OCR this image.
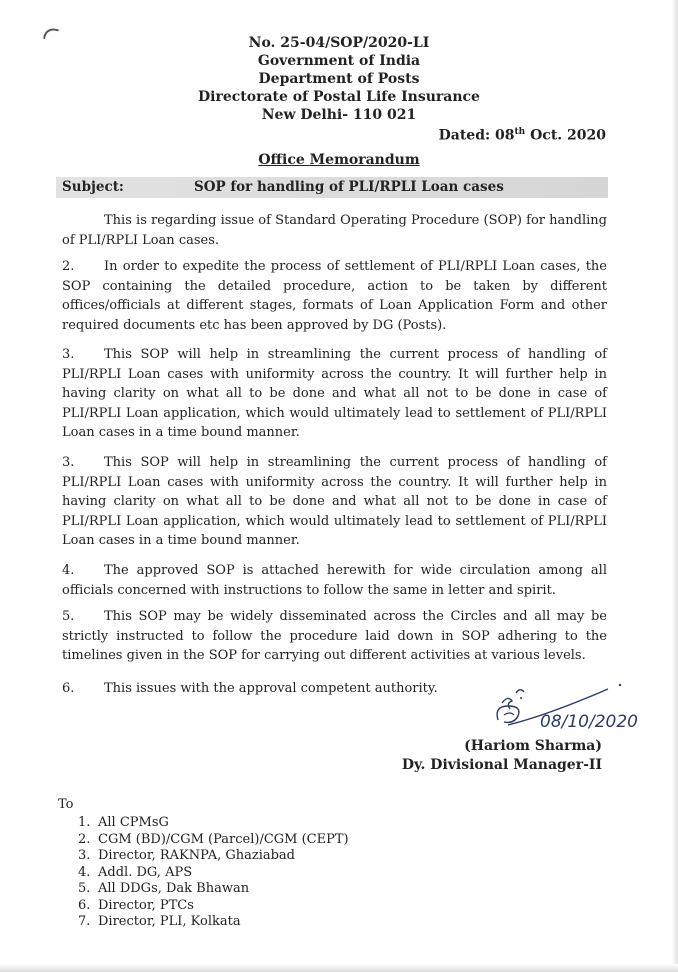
No. 25-04/SOP/2020-LI
Government of India
Department of Posts
Directorate of Postal Life Insurance
New Delhi- 110 021
Dated: 08th Oct. 2020
Office Memorandum
Subject:	SOP for handling of PLI/RPLI Loan cases
This is regarding issue of Standard Operating Procedure (SOP) for handling of PLI/RPLI Loan cases.
2. In order to expedite the process of settlement of PLI/RPLI Loan cases, the SOP containing the detailed procedure, action to be taken by different offices/officials at different stages, formats of Loan Application Form and other required documents etc has been approved by DG (Posts).
3. This SOP will help in streamlining the current process of handling of PLI/RPLI Loan cases with uniformity across the country. It will further help in having clarity on what all to be done and what all not to be done in case of PLI/RPLI Loan application, which would ultimately lead to settlement of PLI/RPLI Loan cases in a time bound manner.
3. This SOP will help in streamlining the current process of handling of PLI/RPLI Loan cases with uniformity across the country. It will further help in having clarity on what all to be done and what all not to be done in case of PLI/RPLI Loan application, which would ultimately lead to settlement of PLI/RPLI Loan cases in a time bound manner.
4. The approved SOP is attached herewith for wide circulation among all officials concerned with instructions to follow the same in letter and spirit.
5. This SOP may be widely disseminated across the Circles and all may be strictly instructed to follow the procedure laid down in SOP adhering to the timelines given in the SOP for carrying out different activities at various levels.
6. This issues with the approval competent authority.
08/10/2020
(Hariom Sharma)
Dy. Divisional Manager-II
To
1. All CPMsG
2. CGM (BD)/CGM (Parcel)/CGM (CEPT)
3. Director, RAKNPA, Ghaziabad
4. Addl. DG, APS
5. All DDGs, Dak Bhawan
6. Director, PTCs
7. Director, PLI, Kolkata
